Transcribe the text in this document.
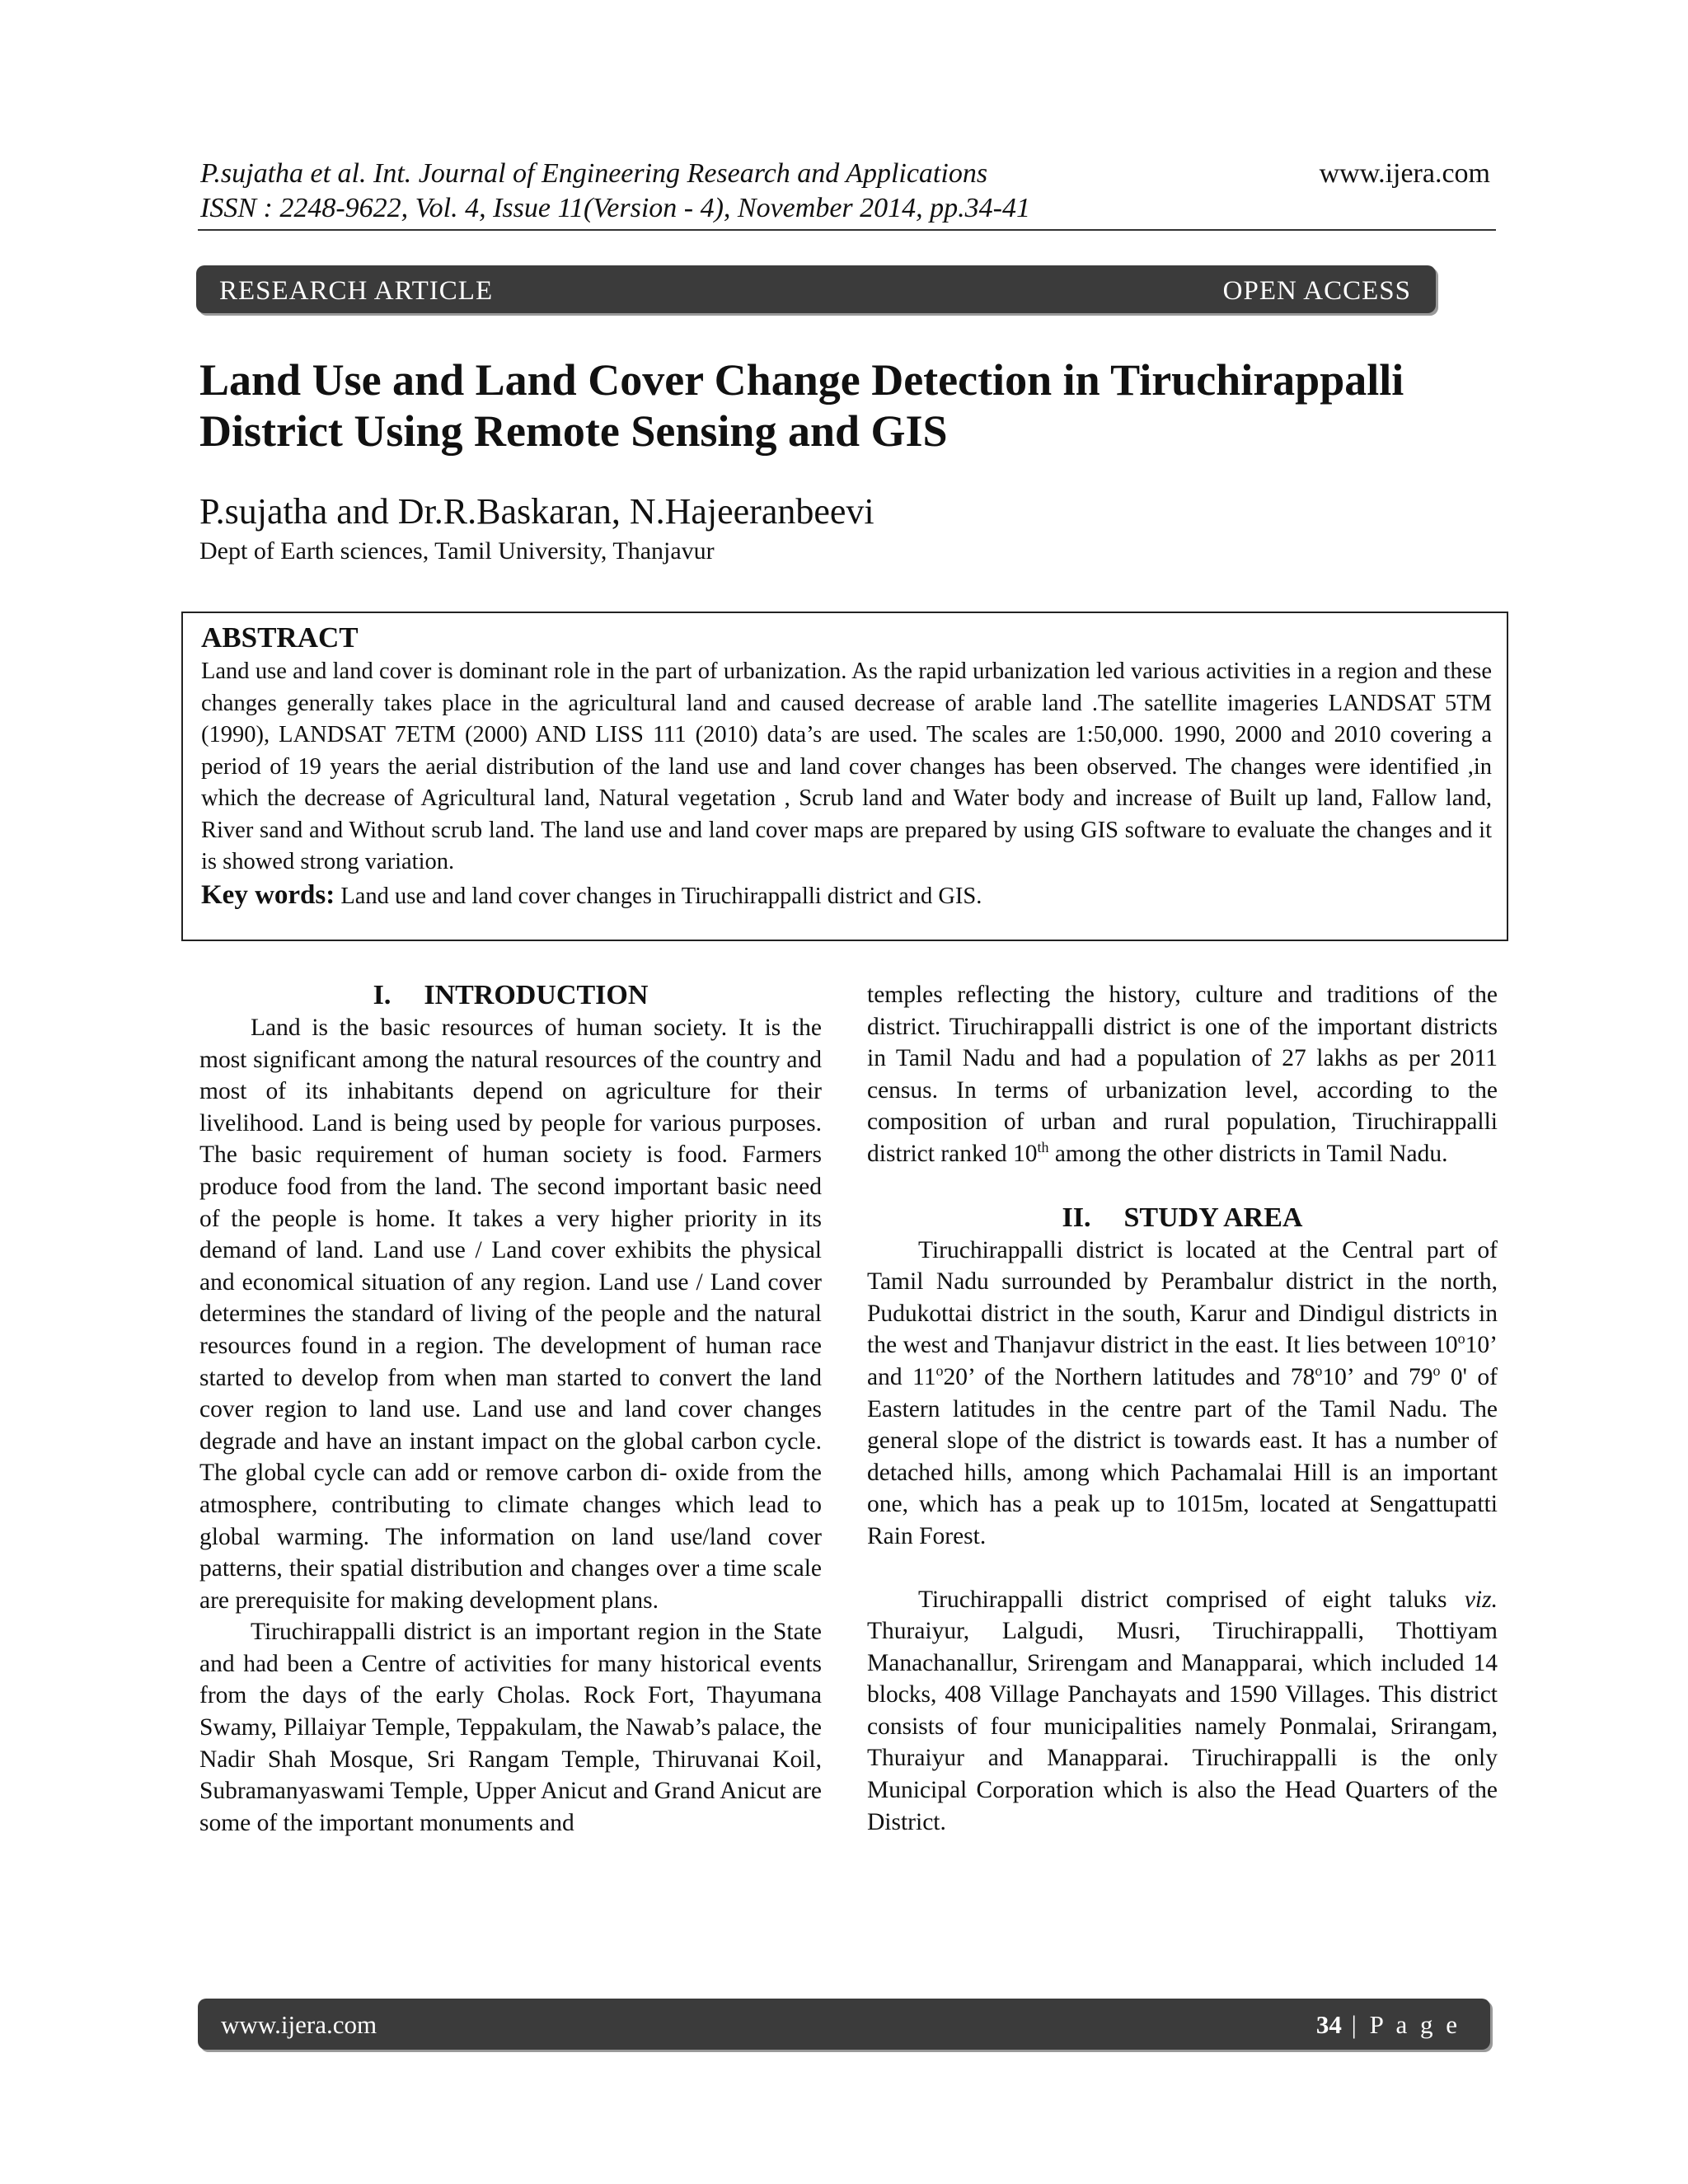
P.sujatha et al. Int. Journal of Engineering Research and Applications
ISSN : 2248-9622, Vol. 4, Issue 11(Version - 4), November 2014, pp.34-41
www.ijera.com
RESEARCH ARTICLE	OPEN ACCESS
Land Use and Land Cover Change Detection in Tiruchirappalli
District Using Remote Sensing and GIS
P.sujatha and Dr.R.Baskaran, N.Hajeeranbeevi
Dept of Earth sciences, Tamil University, Thanjavur
ABSTRACT

Land use and land cover is dominant role in the part of urbanization. As the rapid urbanization led various activities in a region and these changes generally takes place in the agricultural land and caused decrease of arable land .The satellite imageries LANDSAT 5TM (1990), LANDSAT 7ETM (2000) AND LISS 111 (2010) data’s are used. The scales are 1:50,000. 1990, 2000 and 2010 covering a period of 19 years the aerial distribution of the land use and land cover changes has been observed. The changes were identified ,in which the decrease of Agricultural land, Natural vegetation , Scrub land and Water body and increase of Built up land, Fallow land, River sand and Without scrub land. The land use and land cover maps are prepared by using GIS software to evaluate the changes and it is showed strong variation.

Key words: Land use and land cover changes in Tiruchirappalli district and GIS.

I. INTRODUCTION

Land is the basic resources of human society. It is the most significant among the natural resources of the country and most of its inhabitants depend on agriculture for their livelihood. Land is being used by people for various purposes. The basic requirement of human society is food. Farmers produce food from the land. The second important basic need of the people is home. It takes a very higher priority in its demand of land. Land use / Land cover exhibits the physical and economical situation of any region. Land use / Land cover determines the standard of living of the people and the natural resources found in a region. The development of human race started to develop from when man started to convert the land cover region to land use. Land use and land cover changes degrade and have an instant impact on the global carbon cycle. The global cycle can add or remove carbon di- oxide from the atmosphere, contributing to climate changes which lead to global warming. The information on land use/land cover patterns, their spatial distribution and changes over a time scale are prerequisite for making development plans.

Tiruchirappalli district is an important region in the State and had been a Centre of activities for many historical events from the days of the early Cholas. Rock Fort, Thayumana Swamy, Pillaiyar Temple, Teppakulam, the Nawab’s palace, the Nadir Shah Mosque, Sri Rangam Temple, Thiruvanai Koil, Subramanyaswami Temple, Upper Anicut and Grand Anicut are some of the important monuments and

temples reflecting the history, culture and traditions of the district. Tiruchirappalli district is one of the important districts in Tamil Nadu and had a population of 27 lakhs as per 2011 census. In terms of urbanization level, according to the composition of urban and rural population, Tiruchirappalli district ranked 10th among the other districts in Tamil Nadu.

II. STUDY AREA

Tiruchirappalli district is located at the Central part of Tamil Nadu surrounded by Perambalur district in the north, Pudukottai district in the south, Karur and Dindigul districts in the west and Thanjavur district in the east. It lies between 10$^o$10’ and 11$^o$20’ of the Northern latitudes and 78$^o$10’ and 79$^o$ 0' of Eastern latitudes in the centre part of the Tamil Nadu. The general slope of the district is towards east. It has a number of detached hills, among which Pachamalai Hill is an important one, which has a peak up to 1015m, located at Sengattupatti Rain Forest.

Tiruchirappalli district comprised of eight taluks viz. Thuraiyur, Lalgudi, Musri, Tiruchirappalli, Thottiyam Manachanallur, Srirengam and Manapparai, which included 14 blocks, 408 Village Panchayats and 1590 Villages. This district consists of four municipalities namely Ponmalai, Srirangam, Thuraiyur and Manapparai. Tiruchirappalli is the only Municipal Corporation which is also the Head Quarters of the District.

www.ijera.com	34 | P a g e
